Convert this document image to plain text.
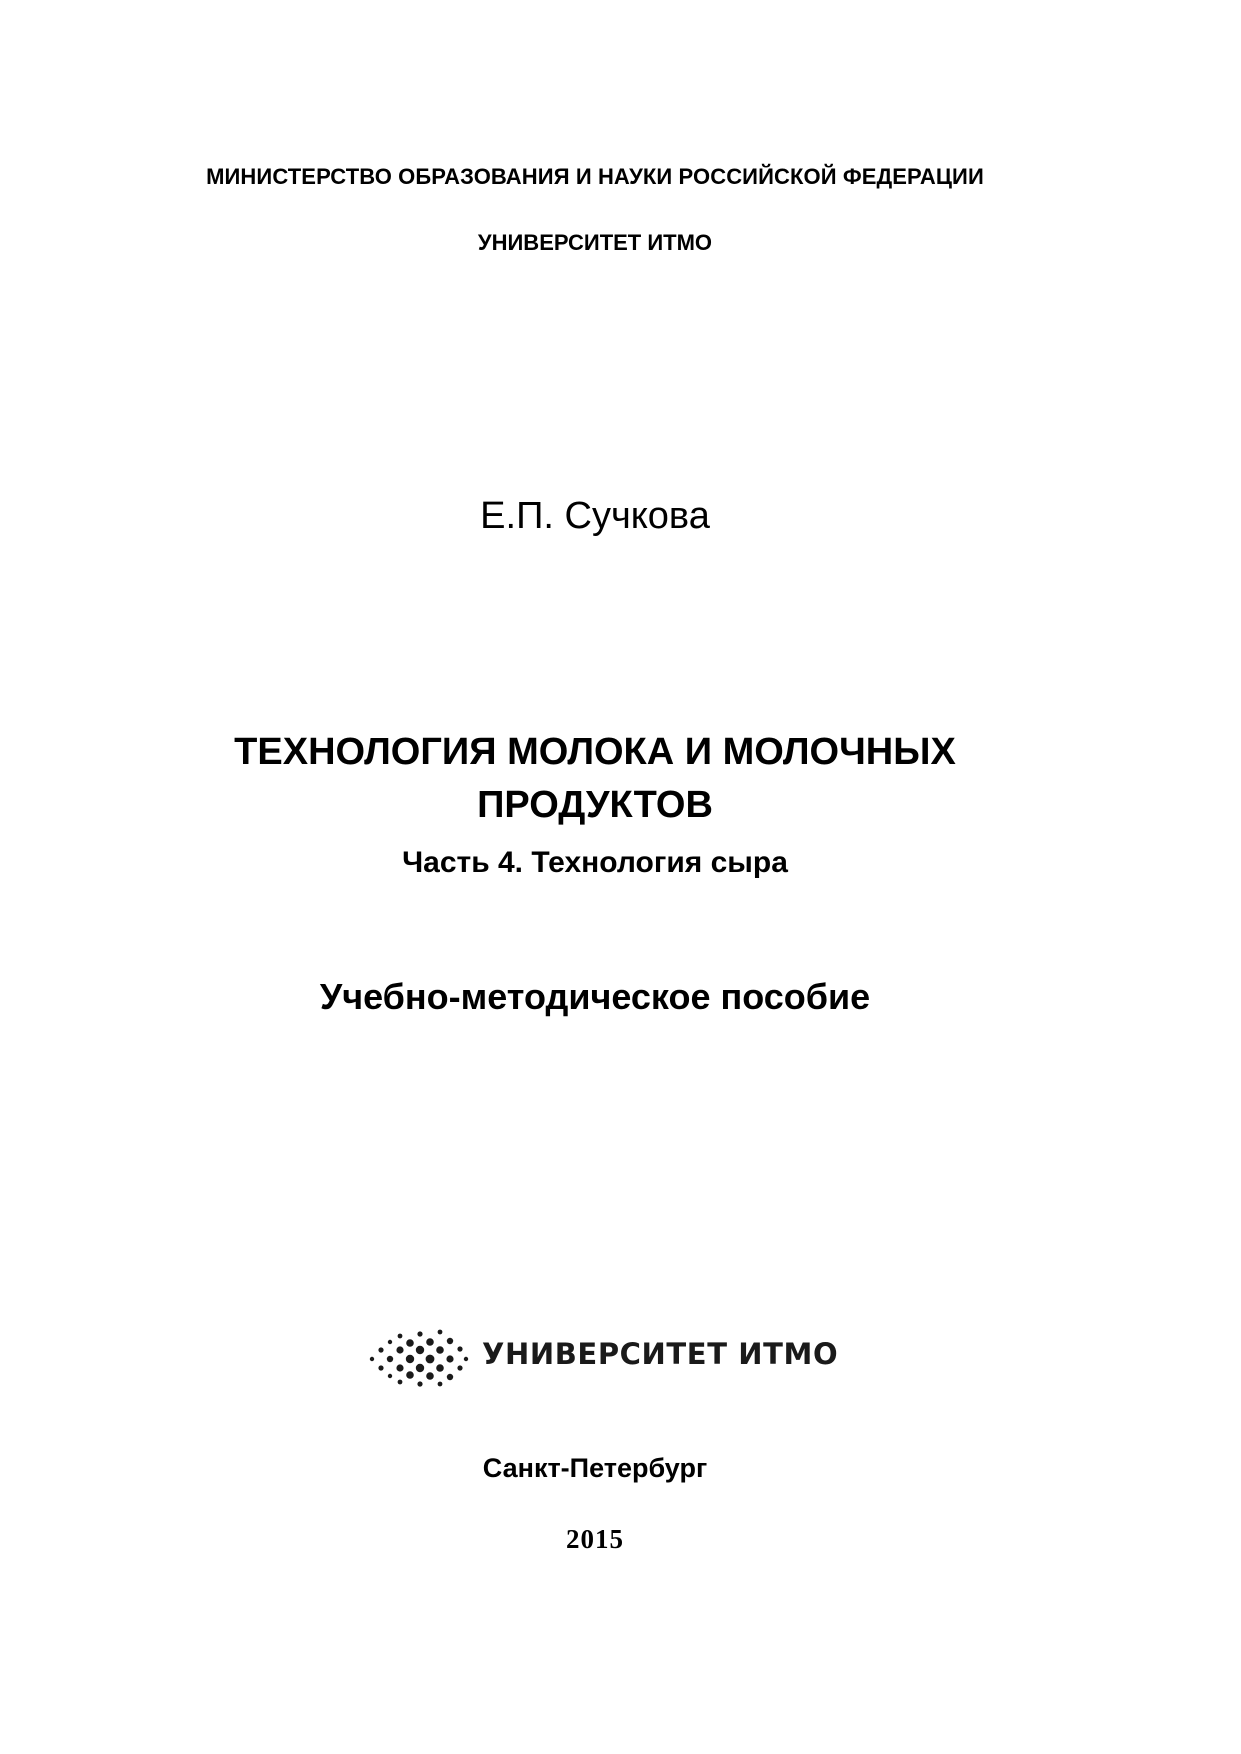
МИНИСТЕРСТВО ОБРАЗОВАНИЯ И НАУКИ РОССИЙСКОЙ ФЕДЕРАЦИИ
УНИВЕРСИТЕТ ИТМО
Е.П. Сучкова
ТЕХНОЛОГИЯ МОЛОКА И МОЛОЧНЫХ
ПРОДУКТОВ
Часть 4. Технология сыра
Учебно-методическое пособие
УНИВЕРСИТЕТ ИТМО
Санкт-Петербург
2015
